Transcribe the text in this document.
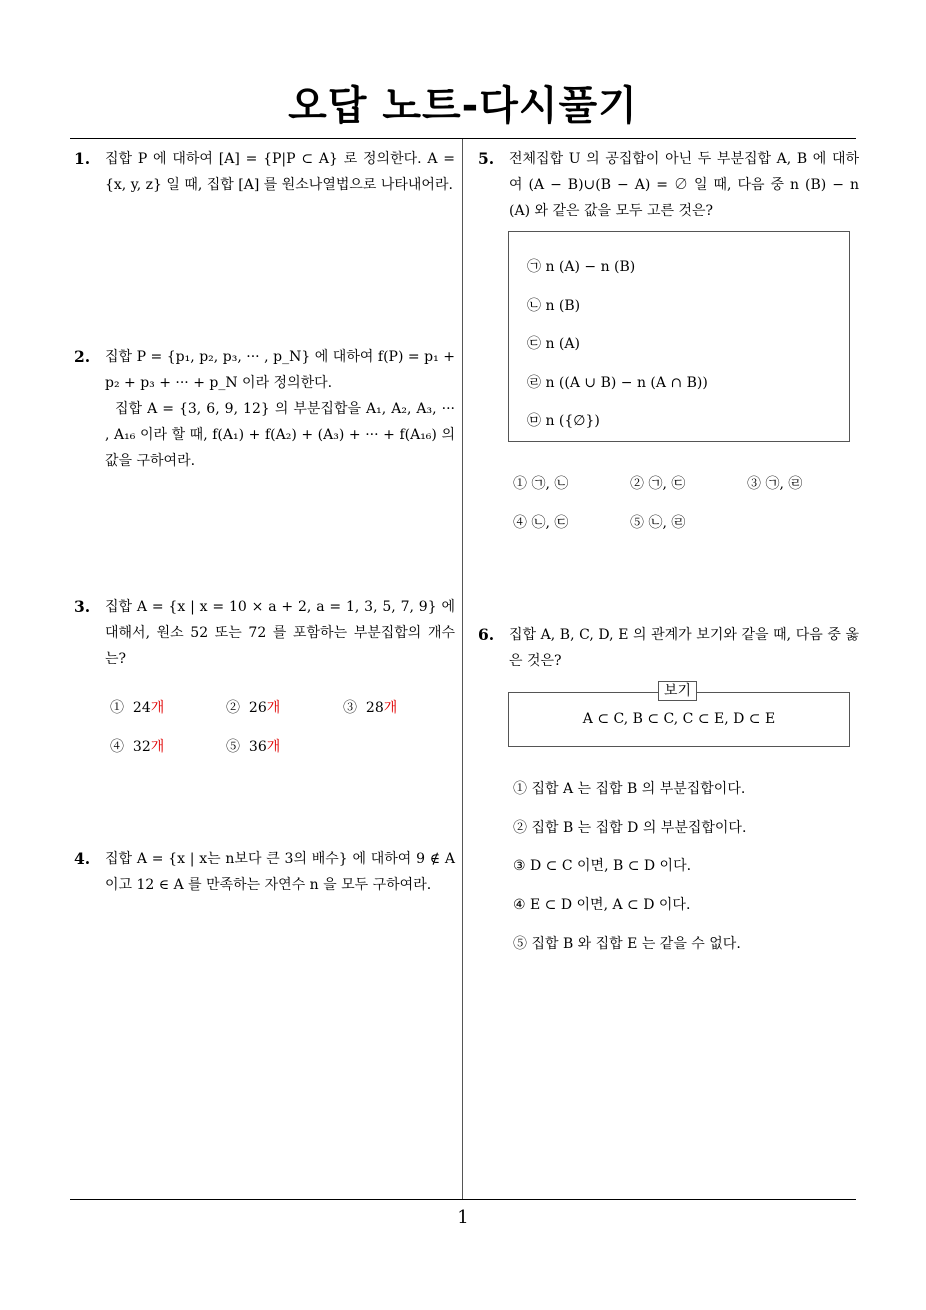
오답 노트-다시풀기
1. 집합 P 에 대하여 [A] = {P|P ⊂ A} 로 정의한다. A = {x, y, z} 일 때, 집합 [A] 를 원소나열법으로 나타내어라.
2. 집합 P = {p₁, p₂, p₃, ··· , p_N} 에 대하여 f(P) = p₁ + p₂ + p₃ + ··· + p_N 이라 정의한다.
집합 A = {3, 6, 9, 12} 의 부분집합을 A₁, A₂, A₃, ··· , A₁₆ 이라 할 때, f(A₁) + f(A₂) + (A₃) + ··· + f(A₁₆) 의 값을 구하여라.
3. 집합 A = {x | x = 10 × a + 2, a = 1, 3, 5, 7, 9} 에 대해서, 원소 52 또는 72 를 포함하는 부분집합의 개수는?
① 24개	② 26개	③ 28개
④ 32개	⑤ 36개
4. 집합 A = {x | x는 n보다 큰 3의 배수} 에 대하여 9 ∉ A 이고 12 ∈ A 를 만족하는 자연수 n 을 모두 구하여라.
5. 전체집합 U 의 공집합이 아닌 두 부분집합 A, B 에 대하여 (A − B)∪(B − A) = ∅ 일 때, 다음 중 n (B) − n (A) 와 같은 값을 모두 고른 것은?
㉠ n (A) − n (B)
㉡ n (B)
㉢ n (A)
㉣ n ((A ∪ B) − n (A ∩ B))
㉤ n ({∅})
① ㉠, ㉡	② ㉠, ㉢	③ ㉠, ㉣
④ ㉡, ㉢	⑤ ㉡, ㉣
6. 집합 A, B, C, D, E 의 관계가 보기와 같을 때, 다음 중 옳은 것은?
A ⊂ C, B ⊂ C, C ⊂ E, D ⊂ E
보기
① 집합 A 는 집합 B 의 부분집합이다.
② 집합 B 는 집합 D 의 부분집합이다.
③ D ⊂ C 이면, B ⊂ D 이다.
④ E ⊂ D 이면, A ⊂ D 이다.
⑤ 집합 B 와 집합 E 는 같을 수 없다.
1
